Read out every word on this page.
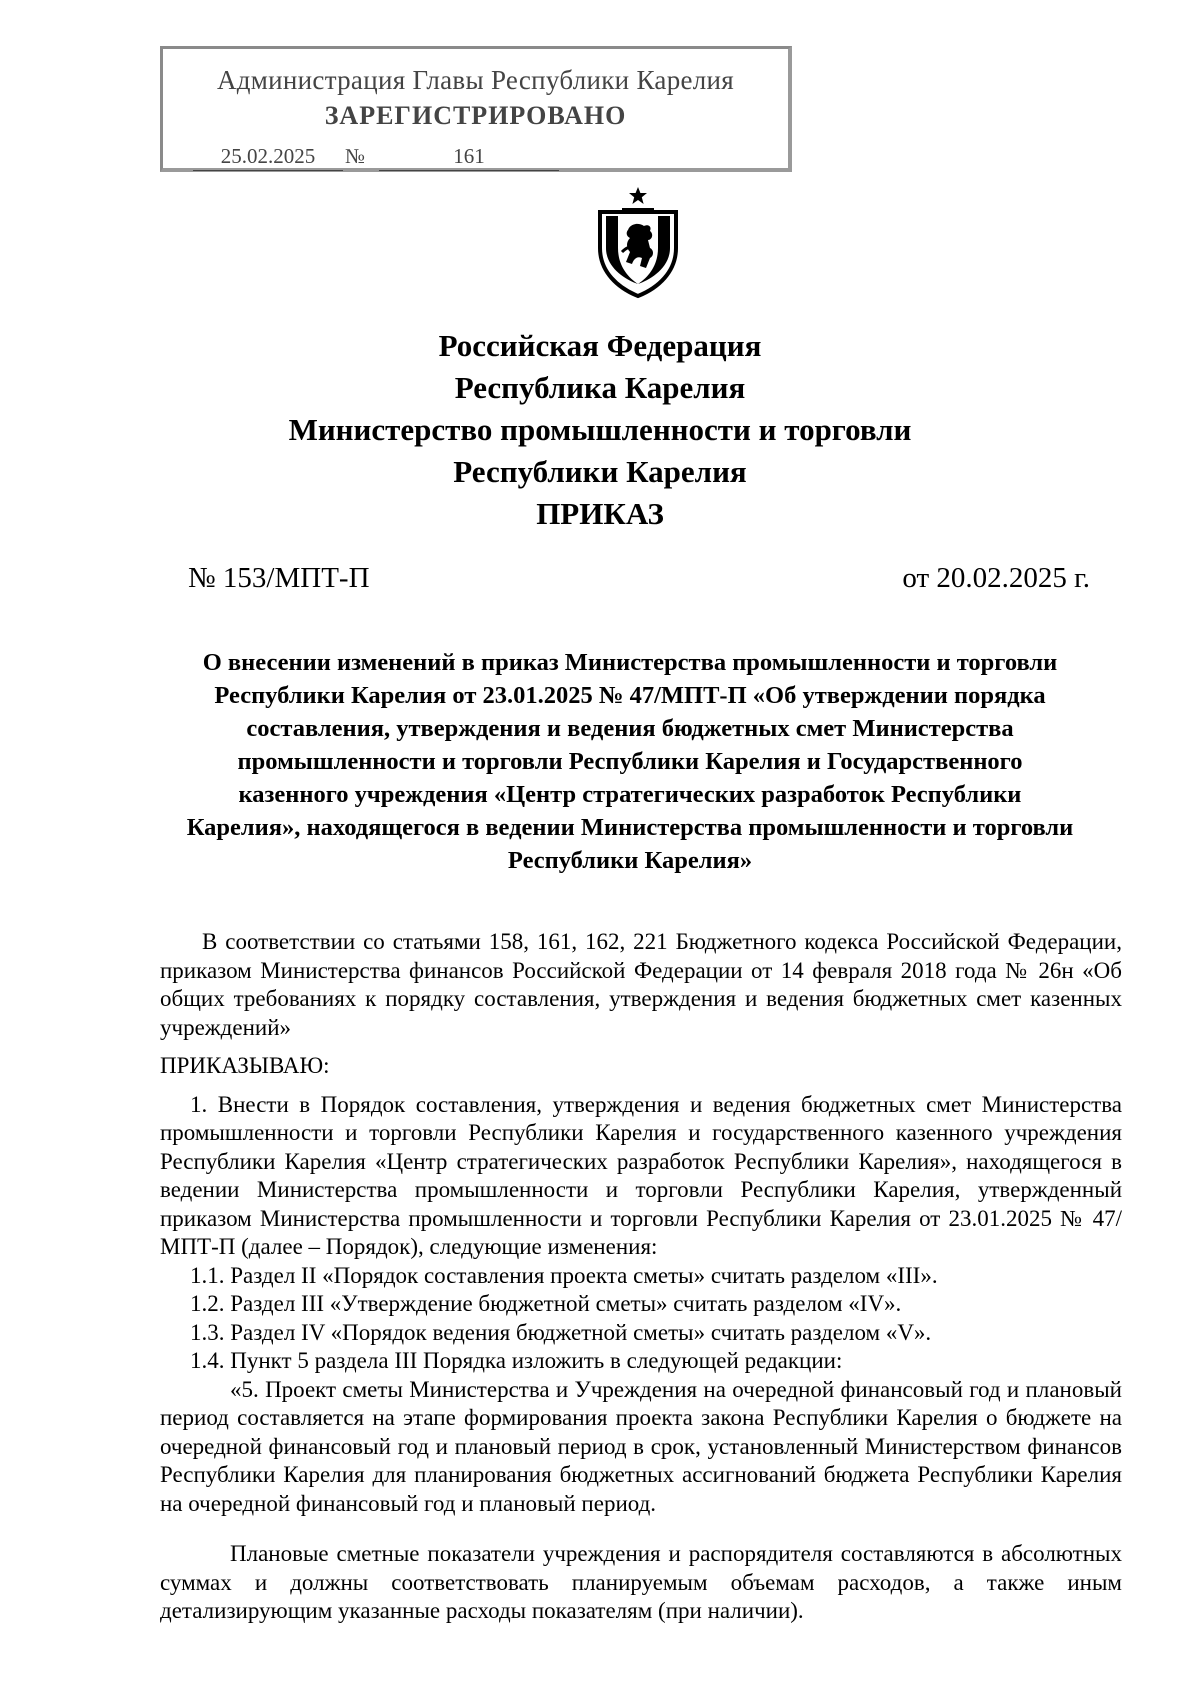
Администрация Главы Республики Карелия
ЗАРЕГИСТРИРОВАНО
25.02.2025	№	161
Российская Федерация
Республика Карелия
Министерство промышленности и торговли
Республики Карелия
ПРИКАЗ
№ 153/МПТ-П	от 20.02.2025 г.
О внесении изменений в приказ Министерства промышленности и торговли
Республики Карелия от 23.01.2025 № 47/МПТ-П «Об утверждении порядка
составления, утверждения и ведения бюджетных смет Министерства
промышленности и торговли Республики Карелия и Государственного
казенного учреждения «Центр стратегических разработок Республики
Карелия», находящегося в ведении Министерства промышленности и торговли
Республики Карелия»

В соответствии со статьями 158, 161, 162, 221 Бюджетного кодекса Российской Федерации, приказом Министерства финансов Российской Федерации от 14 февраля 2018 года № 26н «Об общих требованиях к порядку составления, утверждения и ведения бюджетных смет казенных учреждений»

ПРИКАЗЫВАЮ:

1. Внести в Порядок составления, утверждения и ведения бюджетных смет Министерства промышленности и торговли Республики Карелия и государственного казенного учреждения Республики Карелия «Центр стратегических разработок Республики Карелия», находящегося в ведении Министерства промышленности и торговли Республики Карелия, утвержденный приказом Министерства промышленности и торговли Республики Карелия от 23.01.2025 № 47/МПТ-П (далее – Порядок), следующие изменения:

1.1. Раздел II «Порядок составления проекта сметы» считать разделом «III».

1.2. Раздел III «Утверждение бюджетной сметы» считать разделом «IV».

1.3. Раздел IV «Порядок ведения бюджетной сметы» считать разделом «V».

1.4. Пункт 5 раздела III Порядка изложить в следующей редакции:

«5. Проект сметы Министерства и Учреждения на очередной финансовый год и плановый период составляется на этапе формирования проекта закона Республики Карелия о бюджете на очередной финансовый год и плановый период в срок, установленный Министерством финансов Республики Карелия для планирования бюджетных ассигнований бюджета Республики Карелия на очередной финансовый год и плановый период.

Плановые сметные показатели учреждения и распорядителя составляются в абсолютных суммах и должны соответствовать планируемым объемам расходов, а также иным детализирующим указанные расходы показателям (при наличии).
